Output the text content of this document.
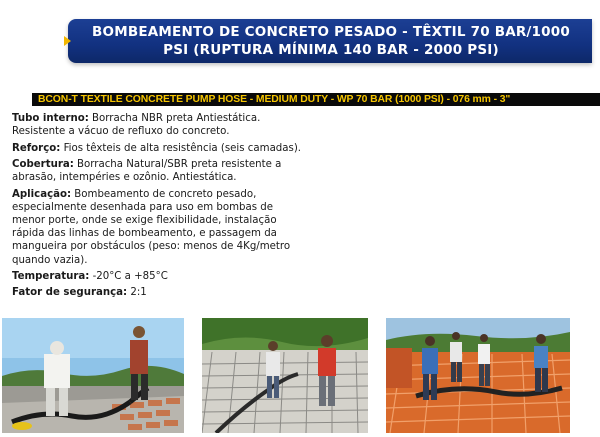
BOMBEAMENTO DE CONCRETO PESADO - TÊXTIL 70 BAR/1000
PSI (RUPTURA MÍNIMA 140 BAR - 2000 PSI)
BCON-T TEXTILE CONCRETE PUMP HOSE - MEDIUM DUTY - WP 70 BAR (1000 PSI) - 076 mm - 3"

Tubo interno: Borracha NBR preta Antiestática. Resistente a vácuo de refluxo do concreto.

Reforço: Fios têxteis de alta resistência (seis camadas).

Cobertura: Borracha Natural/SBR preta resistente a abrasão, intempéries e ozônio. Antiestática.

Aplicação: Bombeamento de concreto pesado, especialmente desenhada para uso em bombas de menor porte, onde se exige flexibilidade, instalação rápida das linhas de bombeamento, e passagem da mangueira por obstáculos (peso: menos de 4Kg/metro quando vazia).

Temperatura: -20°C a +85°C

Fator de segurança: 2:1
